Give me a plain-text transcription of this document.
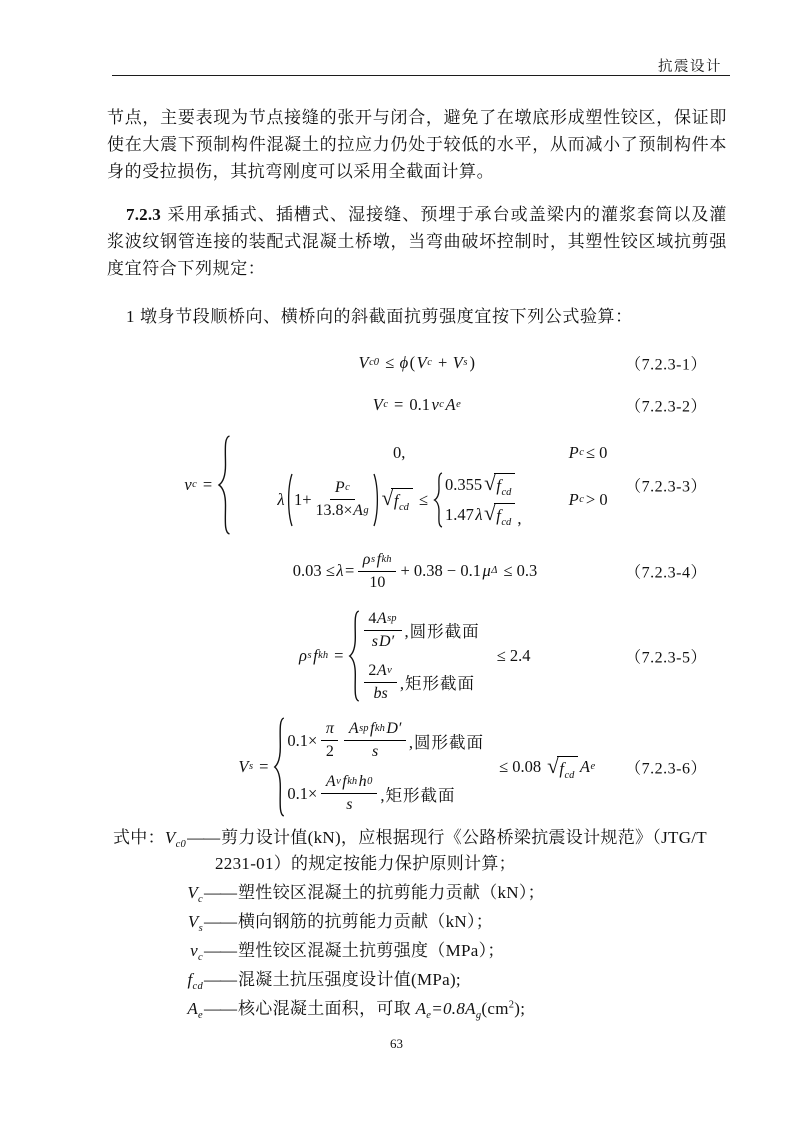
抗震设计

节点，主要表现为节点接缝的张开与闭合，避免了在墩底形成塑性铰区，保证即使在大震下预制构件混凝土的拉应力仍处于较低的水平，从而减小了预制构件本身的受拉损伤，其抗弯刚度可以采用全截面计算。

7.2.3 采用承插式、插槽式、湿接缝、预埋于承台或盖梁内的灌浆套筒以及灌浆波纹钢管连接的装配式混凝土桥墩，当弯曲破坏控制时，其塑性铰区域抗剪强度宜符合下列规定：

1 墩身节段顺桥向、横桥向的斜截面抗剪强度宜按下列公式验算：

V c0 ≤ ϕ ( V c + V s )	（7.2.3-1）
V c = 0.1 v c A e	（7.2.3-2）
v c =
0,	P c ≤ 0
λ $1+ \frac{\text{P c}}{\text{13.8× A g}}$ √ $f_{cd}$ ≤
0.355 √ $f_{cd}$
1.47 λ √ $f_{cd}$ ,
P c > 0
（7.2.3-3）
$0.03 \le \lambda = \frac{\text{ρ s f kh}}{10} + 0.38 - 0.1$ μ Δ ≤ 0.3	（7.2.3-4）
ρ s f kh =
$\frac{\text{4 A sp}}{\text{s D′}}$ ,圆形截面
$\frac{\text{2 A v}}{bs}$ ,矩形截面
≤ 2.4	（7.2.3-5）
V s =
$0.1\times \frac{\pi}{2} \frac{\text{A sp f kh D′}}{s}$ ,圆形截面
$0.1\times \frac{\text{A v f kh h 0}}{s}$ ,矩形截面
≤ 0.08 √ $f_{cd}$ A e （7.2.3-6）

式中：$V_{c0}——$ 剪力设计值(kN)，应根据现行《公路桥梁抗震设计规范》（JTG/T 2231-01）的规定按能力保护原则计算；

$V_c——$ 塑性铰区混凝土的抗剪能力贡献（kN）；

$V_s——$ 横向钢筋的抗剪能力贡献（kN）；

$v_c——$ 塑性铰区混凝土抗剪强度（MPa）；

$f_{cd}——$ 混凝土抗压强度设计值(MPa);

$A_e——$ 核心混凝土面积，可取 $A_e=0.8A_g(cm^2)$;

63
